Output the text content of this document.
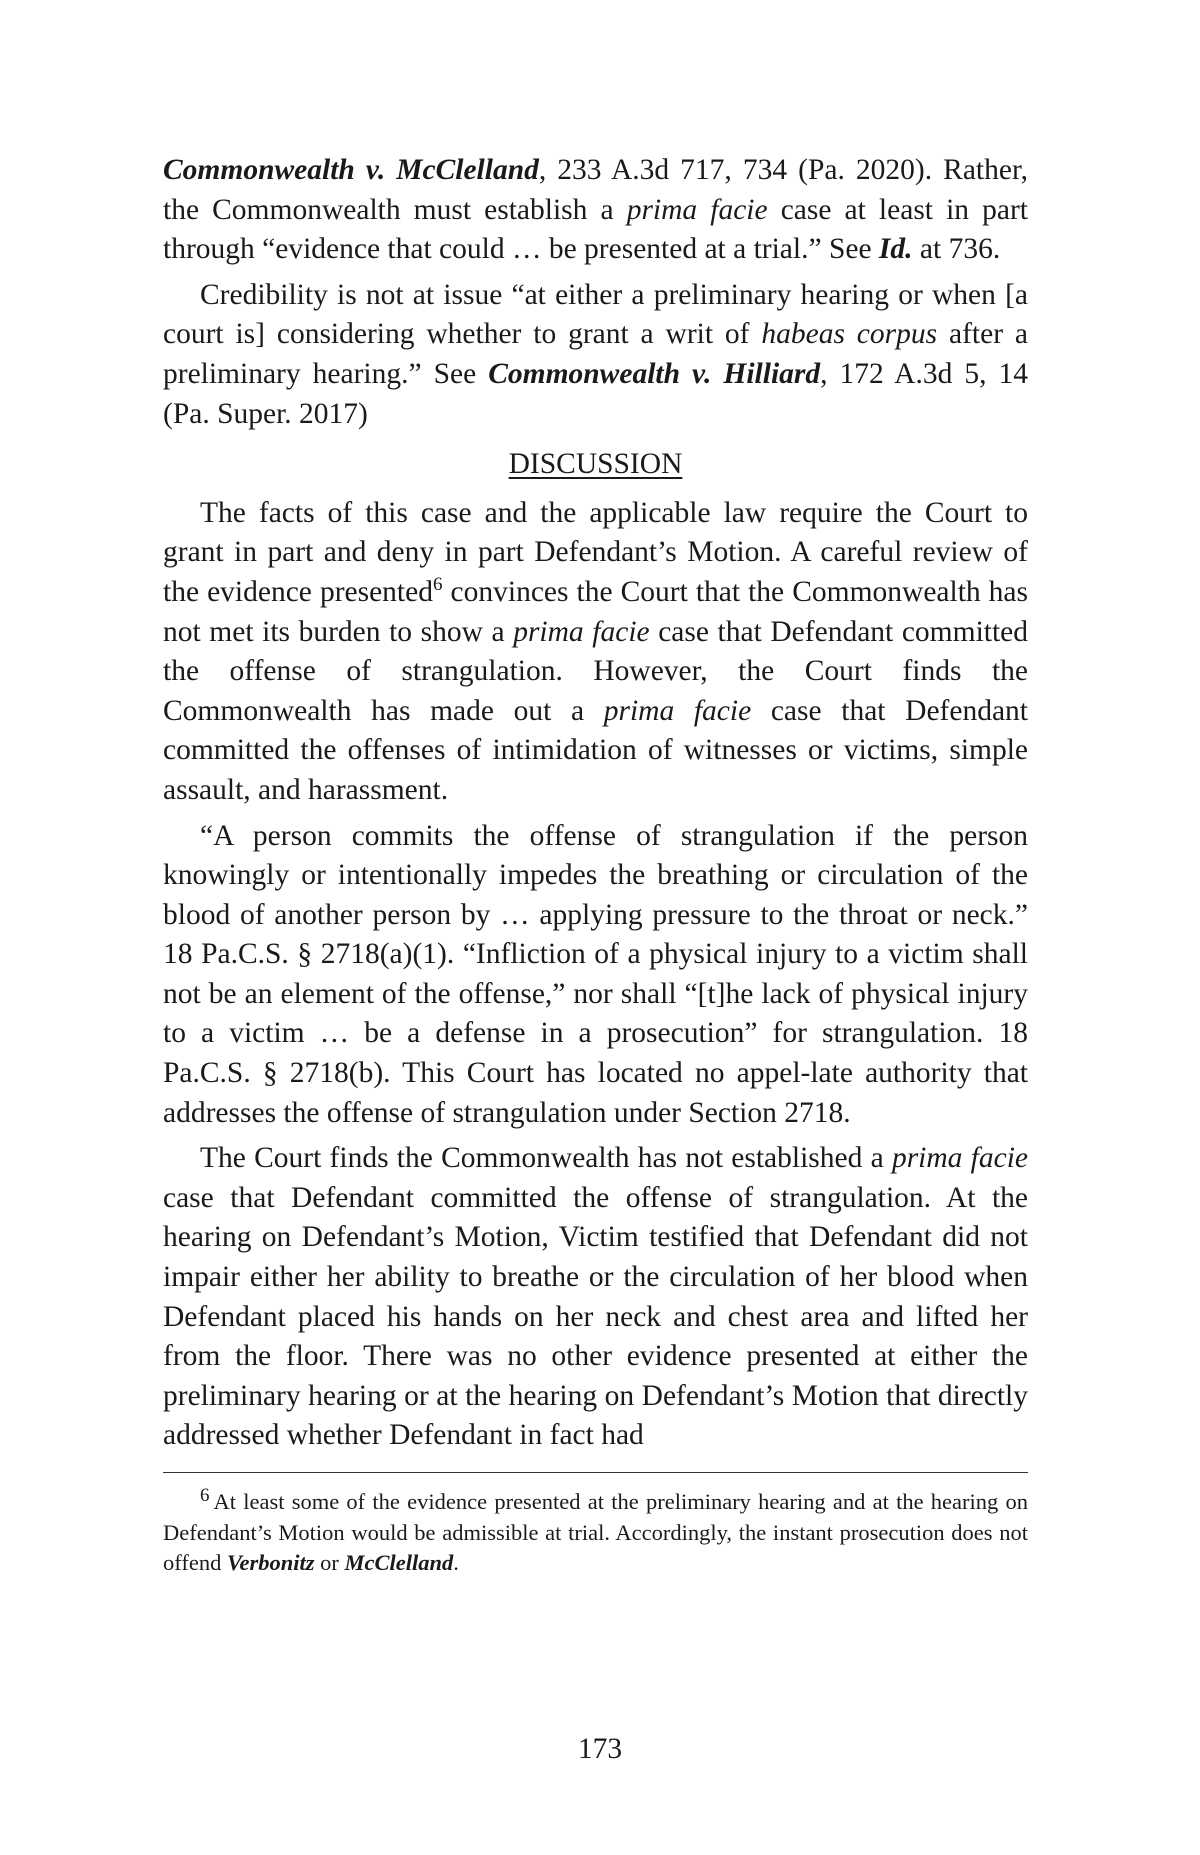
Commonwealth v. McClelland, 233 A.3d 717, 734 (Pa. 2020). Rather, the Commonwealth must establish a prima facie case at least in part through “evidence that could … be presented at a trial.” See Id. at 736.

Credibility is not at issue “at either a preliminary hearing or when [a court is] considering whether to grant a writ of habeas corpus after a preliminary hearing.” See Commonwealth v. Hilliard, 172 A.3d 5, 14 (Pa. Super. 2017)

DISCUSSION

The facts of this case and the applicable law require the Court to grant in part and deny in part Defendant’s Motion. A careful review of the evidence presented$^6$ convinces the Court that the Commonwealth has not met its burden to show a prima facie case that Defendant committed the offense of strangulation. However, the Court finds the Commonwealth has made out a prima facie case that Defendant committed the offenses of intimidation of witnesses or victims, simple assault, and harassment.

“A person commits the offense of strangulation if the person knowingly or intentionally impedes the breathing or circulation of the blood of another person by … applying pressure to the throat or neck.” 18 Pa.C.S. § 2718(a)(1). “Infliction of a physical injury to a victim shall not be an element of the offense,” nor shall “[t]he lack of physical injury to a victim … be a defense in a prosecution” for strangulation. 18 Pa.C.S. § 2718(b). This Court has located no appel-late authority that addresses the offense of strangulation under Section 2718.

The Court finds the Commonwealth has not established a prima facie case that Defendant committed the offense of strangulation. At the hearing on Defendant’s Motion, Victim testified that Defendant did not impair either her ability to breathe or the circulation of her blood when Defendant placed his hands on her neck and chest area and lifted her from the floor. There was no other evidence presented at either the preliminary hearing or at the hearing on Defendant’s Motion that directly addressed whether Defendant in fact had

$^6$ At least some of the evidence presented at the preliminary hearing and at the hearing on Defendant’s Motion would be admissible at trial. Accordingly, the instant prosecution does not offend Verbonitz or McClelland.

173
